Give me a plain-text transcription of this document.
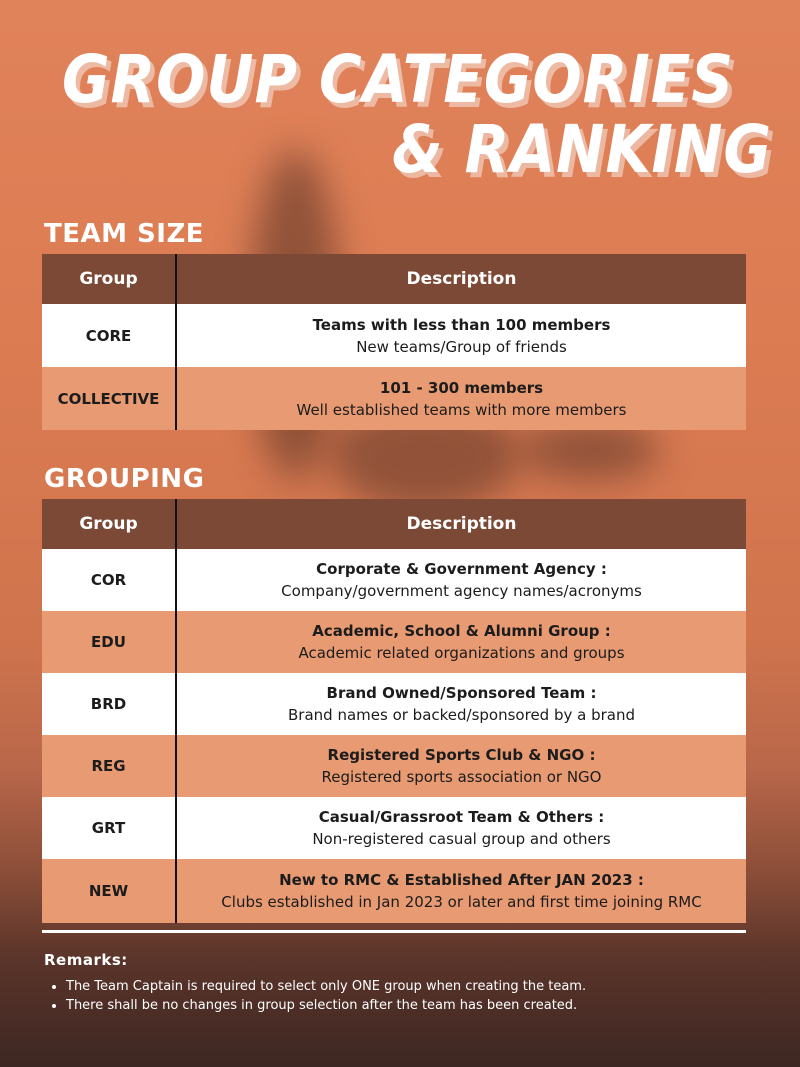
GROUP CATEGORIES
& RANKING
TEAM SIZE
Group	Description
CORE	Teams with less than 100 members
New teams/Group of friends

COLLECTIVE	101 - 300 members
Well established teams with more members
GROUPING
Group	Description
COR	Corporate & Government Agency :
Company/government agency names/acronyms

EDU	Academic, School & Alumni Group :
Academic related organizations and groups

BRD	Brand Owned/Sponsored Team :
Brand names or backed/sponsored by a brand

REG	Registered Sports Club & NGO :
Registered sports association or NGO

GRT	Casual/Grassroot Team & Others :
Non-registered casual group and others

NEW	New to RMC & Established After JAN 2023 :
Clubs established in Jan 2023 or later and first time joining RMC
Remarks:
• The Team Captain is required to select only ONE group when creating the team.
• There shall be no changes in group selection after the team has been created.
